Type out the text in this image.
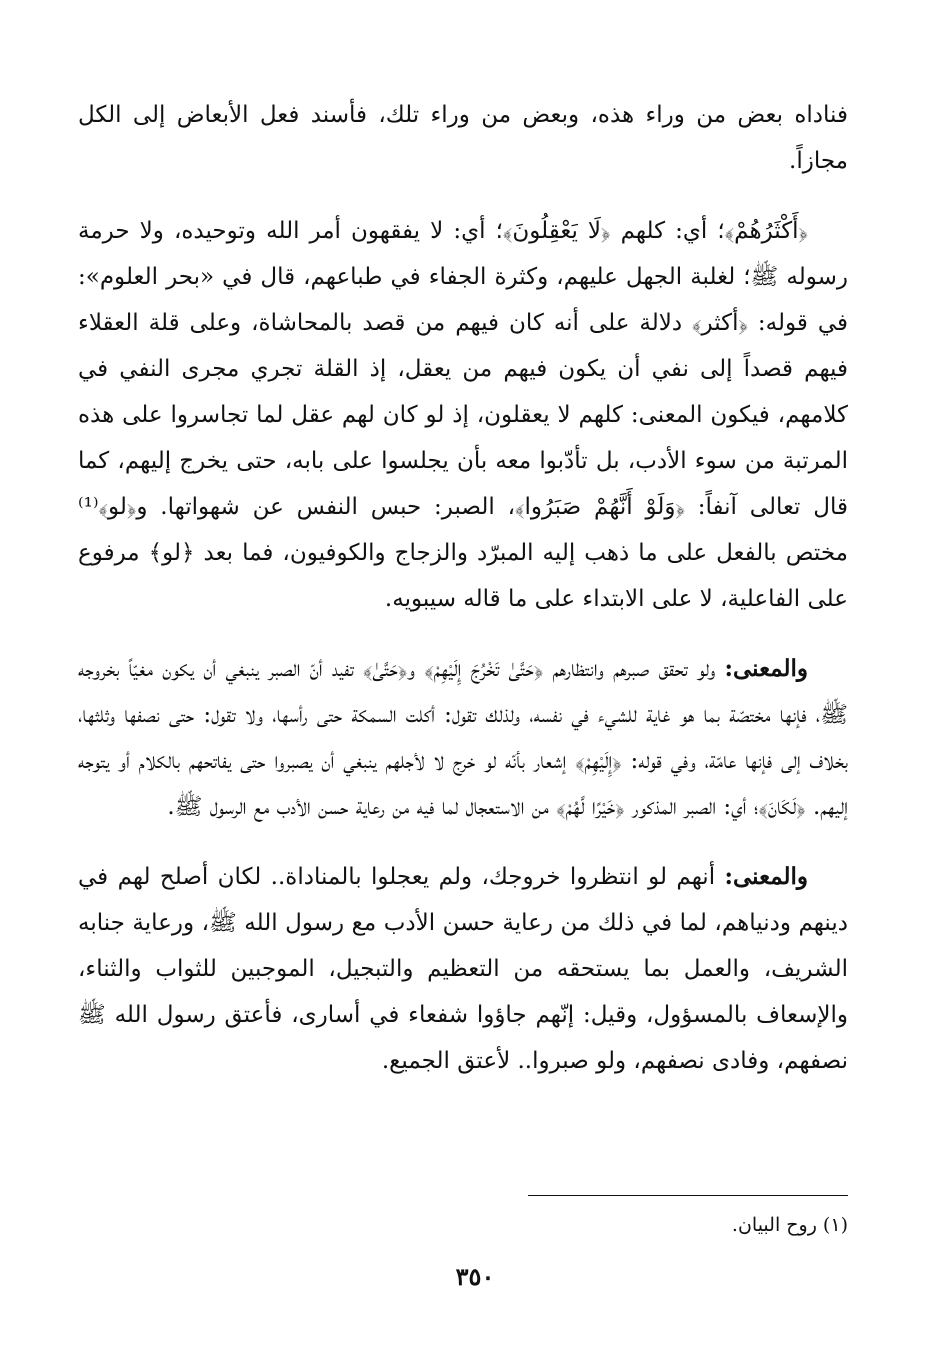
فناداه بعض من وراء هذه، وبعض من وراء تلك، فأسند فعل الأبعاض إلى الكل مجازاً.

﴿أَكْثَرُهُمْ﴾؛ أي: كلهم ﴿لَا يَعْقِلُونَ﴾؛ أي: لا يفقهون أمر الله وتوحيده، ولا حرمة رسوله ﷺ؛ لغلبة الجهل عليهم، وكثرة الجفاء في طباعهم، قال في «بحر العلوم»: في قوله: ﴿أكثر﴾ دلالة على أنه كان فيهم من قصد بالمحاشاة، وعلى قلة العقلاء فيهم قصداً إلى نفي أن يكون فيهم من يعقل، إذ القلة تجري مجرى النفي في كلامهم، فيكون المعنى: كلهم لا يعقلون، إذ لو كان لهم عقل لما تجاسروا على هذه المرتبة من سوء الأدب، بل تأدّبوا معه بأن يجلسوا على بابه، حتى يخرج إليهم، كما قال تعالى آنفاً: ﴿وَلَوْ أَنَّهُمْ صَبَرُوا﴾، الصبر: حبس النفس عن شهواتها. و﴿لو﴾⁽¹⁾ مختص بالفعل على ما ذهب إليه المبرّد والزجاج والكوفيون، فما بعد ﴿لو﴾ مرفوع على الفاعلية، لا على الابتداء على ما قاله سيبويه.

والمعنى: ولو تحقق صبرهم وانتظارهم ﴿حَتَّىٰ تَخْرُجَ إِلَيْهِمْ﴾ و﴿حَتَّىٰ﴾ تفيد أنّ الصبر ينبغي أن يكون مغيّاً بخروجه ﷺ، فإنها مختصّة بما هو غاية للشيء في نفسه، ولذلك تقول: أكلت السمكة حتى رأسها، ولا تقول: حتى نصفها وثلثها، بخلاف إلى فإنها عامّة، وفي قوله: ﴿إِلَيْهِمْ﴾ إشعار بأنّه لو خرج لا لأجلهم ينبغي أن يصبروا حتى يفاتحهم بالكلام أو يتوجه إليهم. ﴿لَكَانَ﴾؛ أي: الصبر المذكور ﴿خَيْرًا لَّهُمْ﴾ من الاستعجال لما فيه من رعاية حسن الأدب مع الرسول ﷺ.

والمعنى: أنهم لو انتظروا خروجك، ولم يعجلوا بالمناداة.. لكان أصلح لهم في دينهم ودنياهم، لما في ذلك من رعاية حسن الأدب مع رسول الله ﷺ، ورعاية جنابه الشريف، والعمل بما يستحقه من التعظيم والتبجيل، الموجبين للثواب والثناء، والإسعاف بالمسؤول، وقيل: إنّهم جاؤوا شفعاء في أسارى، فأعتق رسول الله ﷺ نصفهم، وفادى نصفهم، ولو صبروا.. لأعتق الجميع.

(١) روح البيان.
٣٥٠
